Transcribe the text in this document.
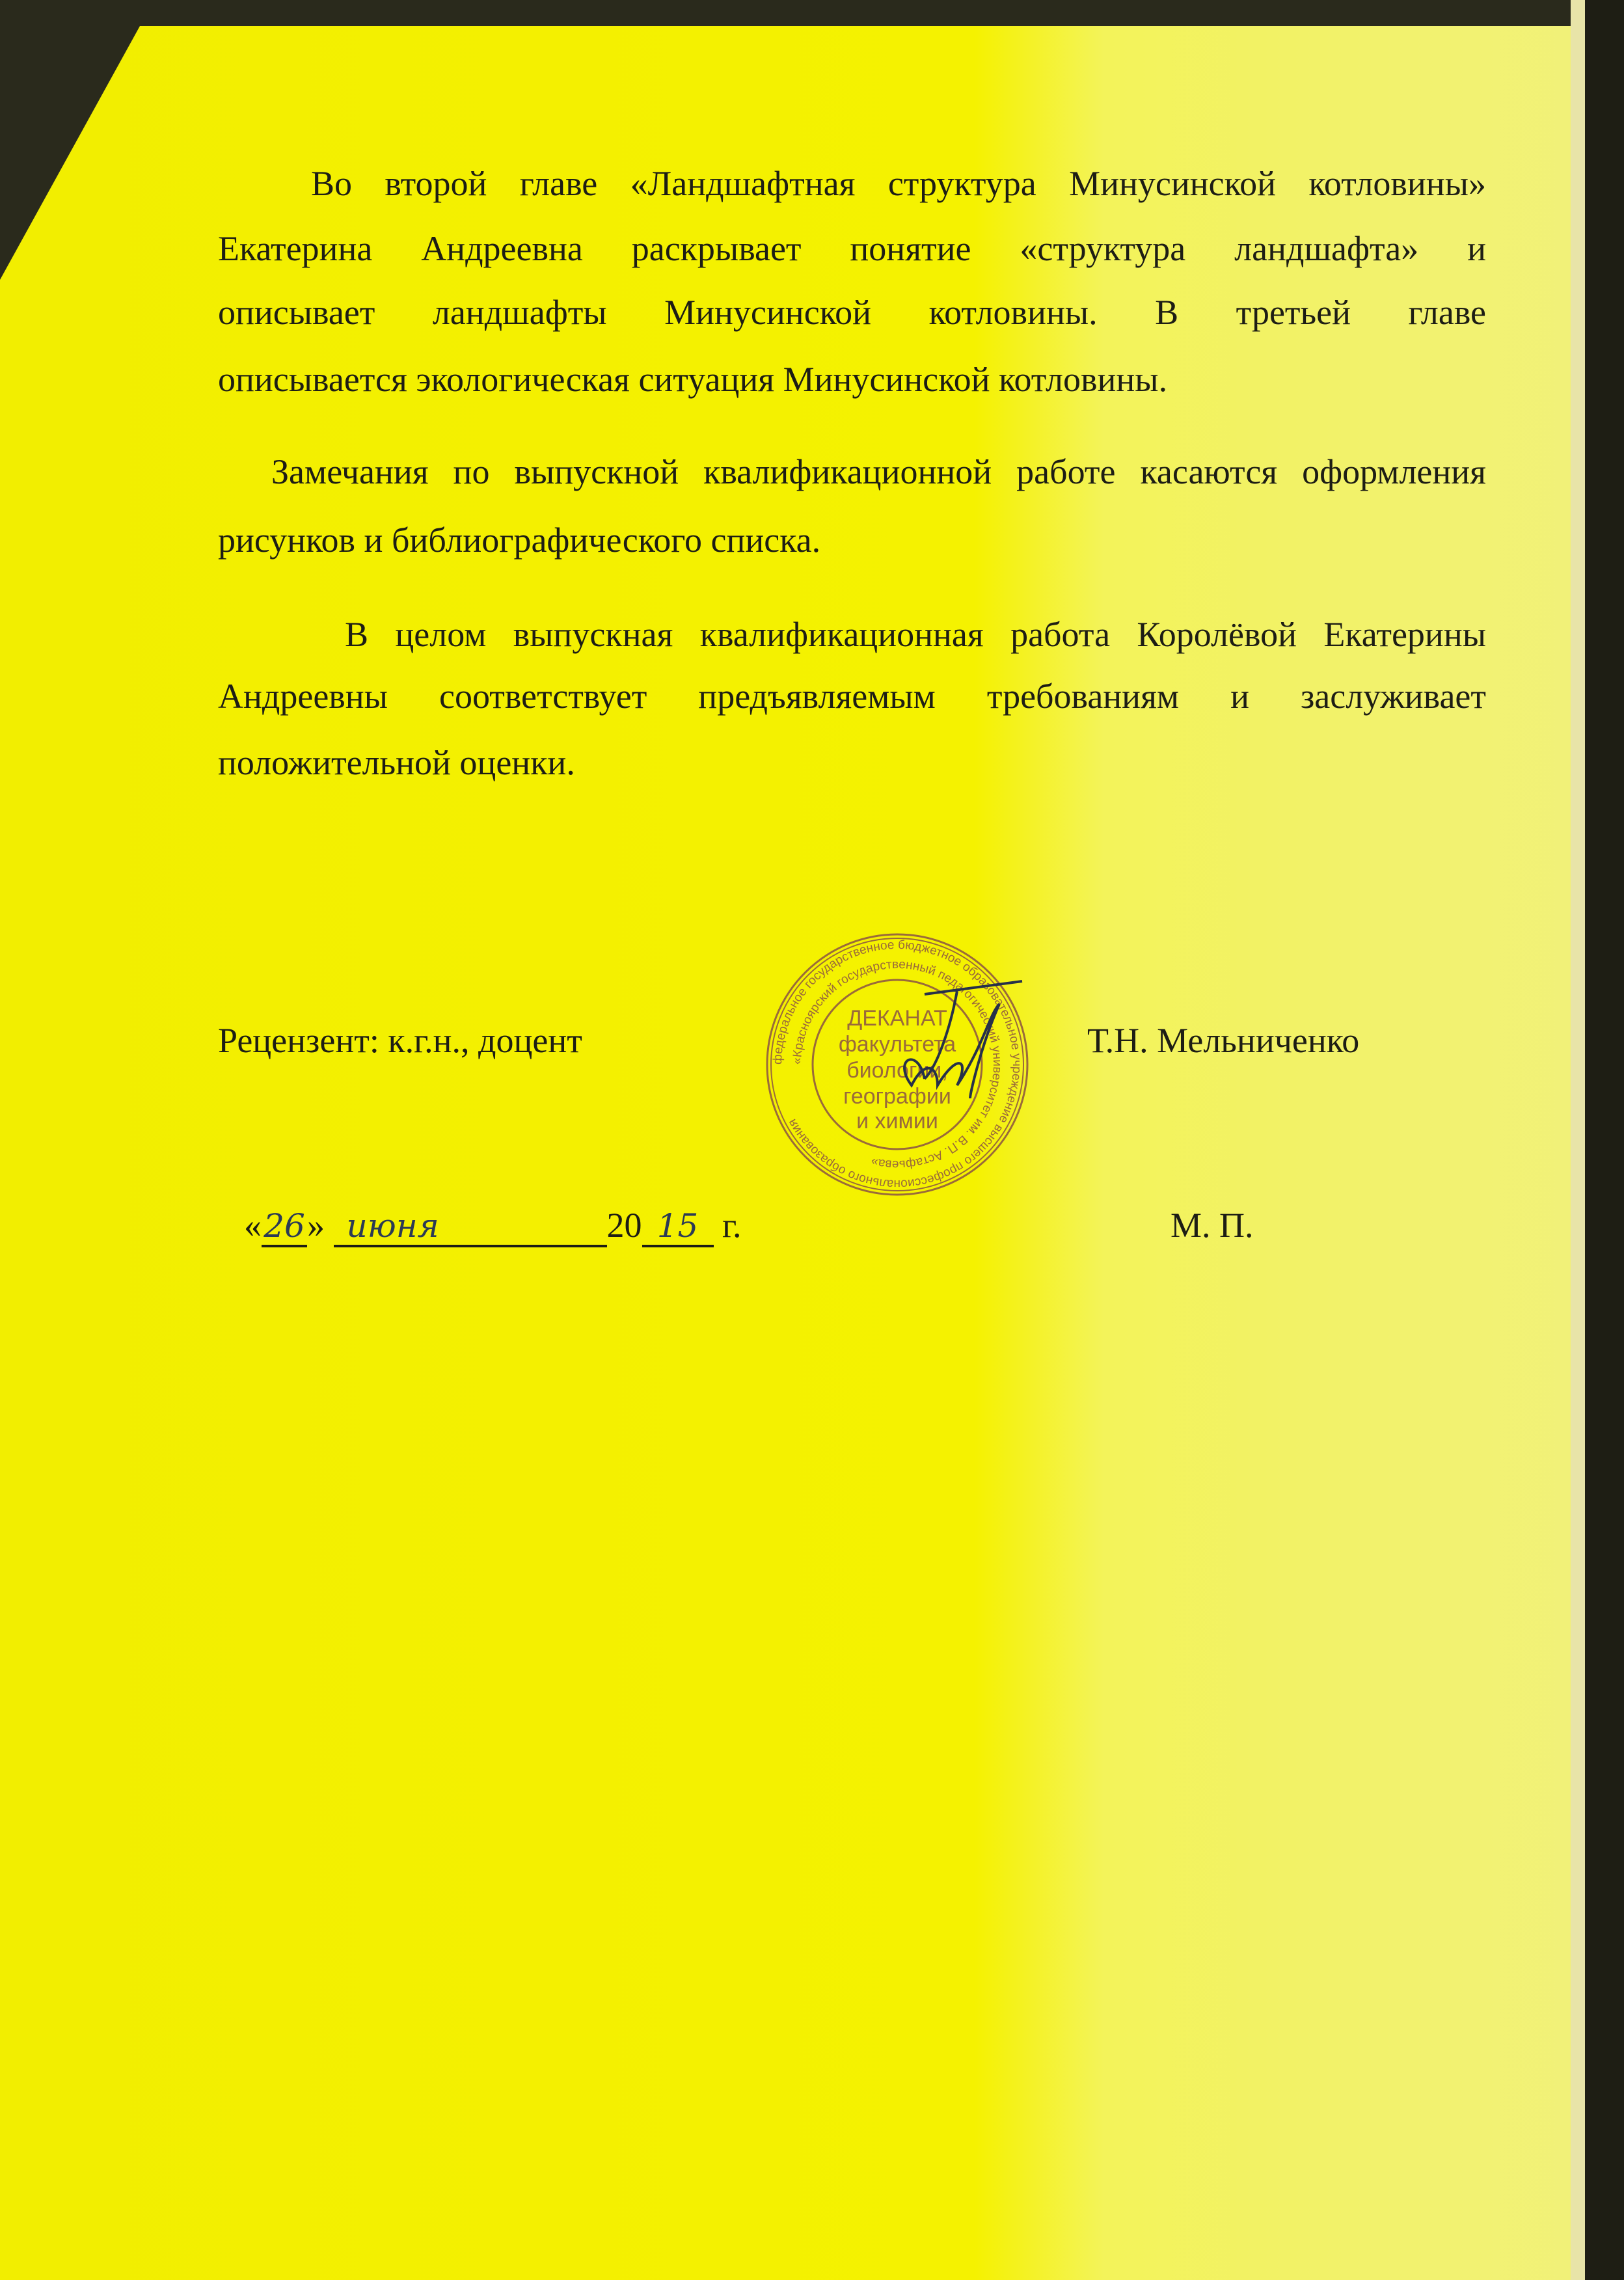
Во второй главе «Ландшафтная структура Минусинской котловины»
Екатерина Андреевна раскрывает понятие «структура ландшафта» и
описывает ландшафты Минусинской котловины. В третьей главе
описывается экологическая ситуация Минусинской котловины.
Замечания по выпускной квалификационной работе касаются оформления
рисунков и библиографического списка.
В целом выпускная квалификационная работа Королёвой Екатерины
Андреевны соответствует предъявляемым требованиям и заслуживает
положительной оценки.
Рецензент: к.г.н., доцент	Т.Н. Мельниченко
федеральное государственное бюджетное образовательное учреждение высшего профессионального образования
«Красноярский государственный педагогический университет им. В.П. Астафьева»
ДЕКАНАТ
факультета
биологии,
географии
и химии
«26» июня	20 15 г.	М. П.
